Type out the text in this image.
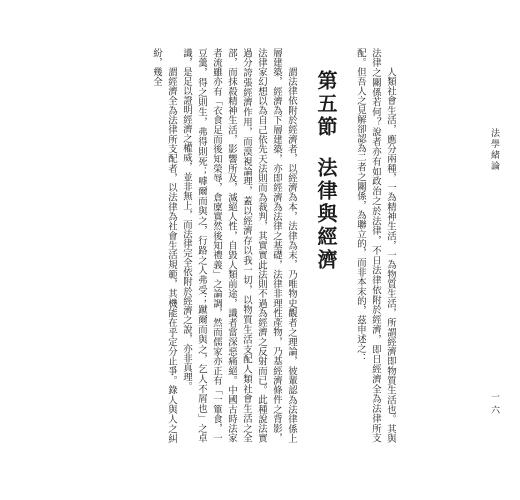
法學緒論

人類社會生活，應分兩種，一為精神生活，一為物質生活，所謂經濟即物質生活也。其與法律之關係若何？說者亦有如政治之於法律，不日法律依附於經濟，即日經濟全為法律所支配。但吾人之見解卻認為二者之關係，為聯立的，而非本末的，茲申述之：

第五節法律與經濟

謂法律依附於經濟者，以經濟為本，法律為末，乃唯物史觀者之理論，彼輩認為法律係上層建築，經濟為下層建築，亦即經濟為法律之基礎，法律非理性產物，乃基經濟條件之背影，法律家幻想以為自己依先天法則而為裁判，其實實此法則不過為經濟之反射而已。此種說法實過分誇張經濟作用，而漠視論理，蓋以經濟存以我一切，以物質生活支配人類社會生活之全部，而抹殺精神生活，影響所及，滅絕人性，自毀人類前途，識者當深惡痛絕。中國古時法家者流雖亦有「衣食足而後知榮辱，倉廩實然後知禮義」之論調，然而儒家亦正有「一簞食，一豆羹，得之則生，弗得則死；嘑爾而與之，行路之人弗受；蹴爾而與之，乞人不屑也」之卓識，是足以證明經濟之權威，並非無上，而法律完全依附於經濟之說，亦非真理。

謂經濟全為法律所支配者，以法律為社會生活規範，其機能在乎定分止爭。錄人與人之糾紛，幾全

一六
